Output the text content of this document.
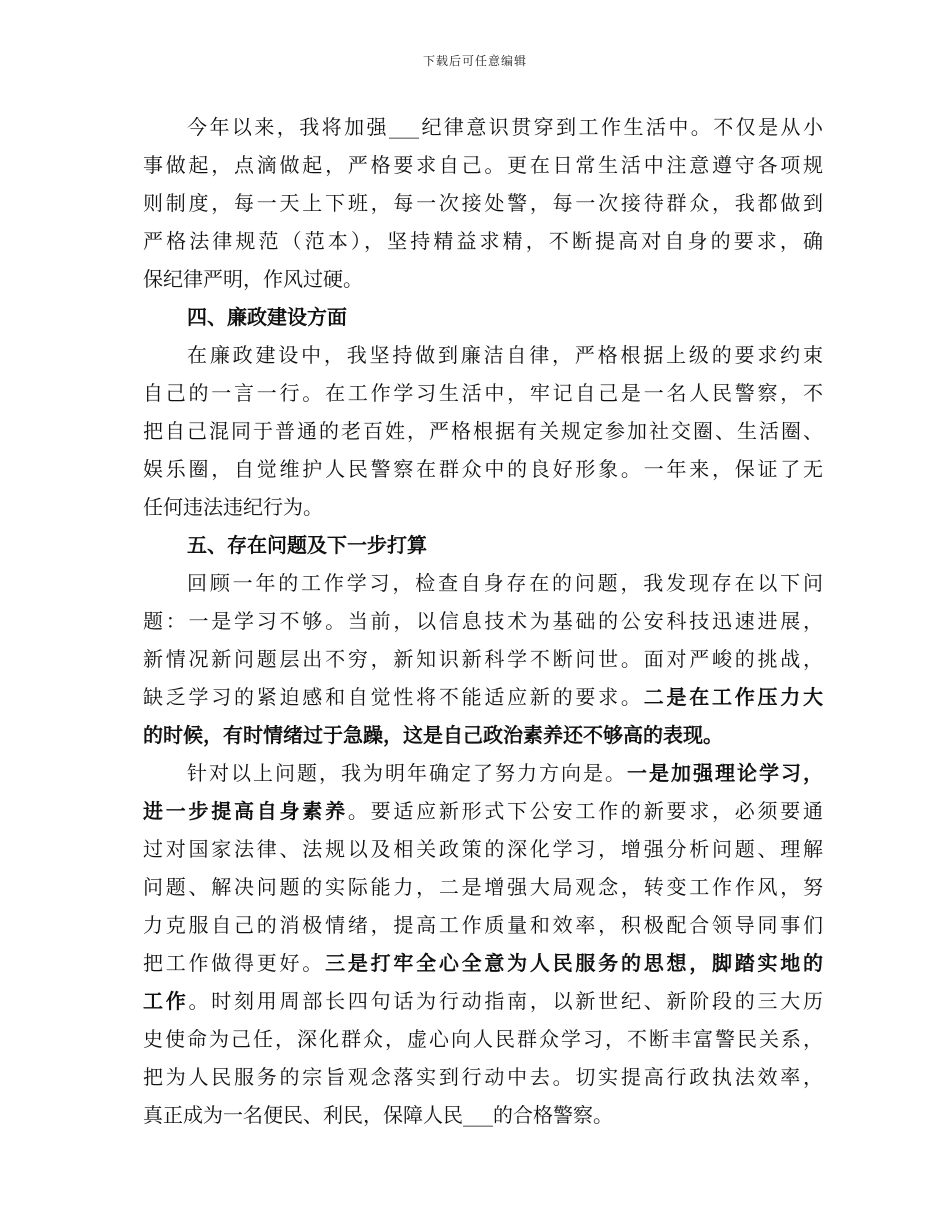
下载后可任意编辑
今年以来，我将加强___纪律意识贯穿到工作生活中。不仅是从小
事做起，点滴做起，严格要求自己。更在日常生活中注意遵守各项规
则制度，每一天上下班，每一次接处警，每一次接待群众，我都做到
严格法律规范（范本），坚持精益求精，不断提高对自身的要求，确
保纪律严明，作风过硬。
四、廉政建设方面
在廉政建设中，我坚持做到廉洁自律，严格根据上级的要求约束
自己的一言一行。在工作学习生活中，牢记自己是一名人民警察，不
把自己混同于普通的老百姓，严格根据有关规定参加社交圈、生活圈、
娱乐圈，自觉维护人民警察在群众中的良好形象。一年来，保证了无
任何违法违纪行为。
五、存在问题及下一步打算
回顾一年的工作学习，检查自身存在的问题，我发现存在以下问
题：一是学习不够。当前，以信息技术为基础的公安科技迅速进展，
新情况新问题层出不穷，新知识新科学不断问世。面对严峻的挑战，
缺乏学习的紧迫感和自觉性将不能适应新的要求。二是在工作压力大
的时候，有时情绪过于急躁，这是自己政治素养还不够高的表现。
针对以上问题，我为明年确定了努力方向是。一是加强理论学习，
进一步提高自身素养。要适应新形式下公安工作的新要求，必须要通
过对国家法律、法规以及相关政策的深化学习，增强分析问题、理解
问题、解决问题的实际能力，二是增强大局观念，转变工作作风，努
力克服自己的消极情绪，提高工作质量和效率，积极配合领导同事们
把工作做得更好。三是打牢全心全意为人民服务的思想，脚踏实地的
工作。时刻用周部长四句话为行动指南，以新世纪、新阶段的三大历
史使命为己任，深化群众，虚心向人民群众学习，不断丰富警民关系，
把为人民服务的宗旨观念落实到行动中去。切实提高行政执法效率，
真正成为一名便民、利民，保障人民___的合格警察。
